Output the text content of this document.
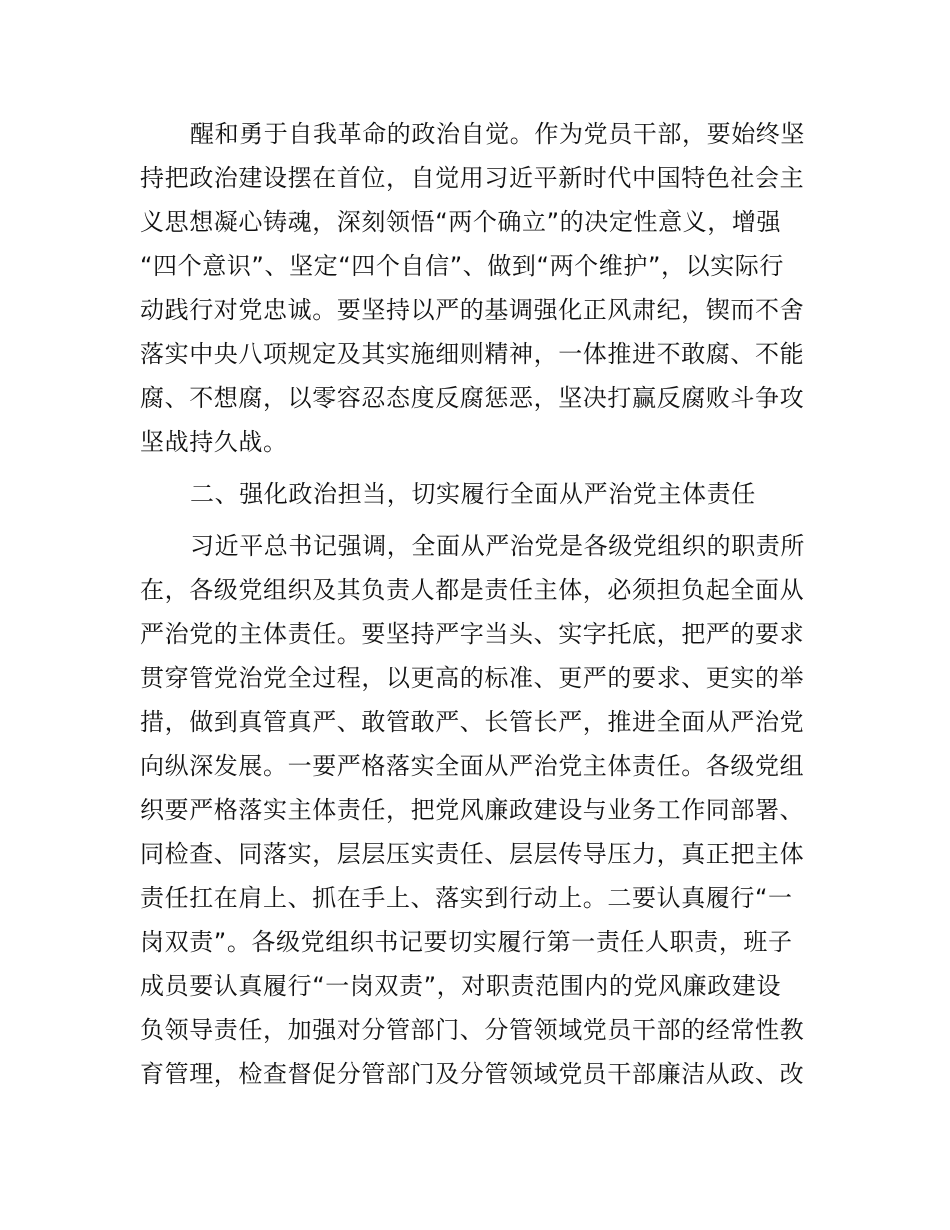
醒和勇于自我革命的政治自觉。作为党员干部，要始终坚
持把政治建设摆在首位，自觉用习近平新时代中国特色社会主
义思想凝心铸魂，深刻领悟“两个确立”的决定性意义，增强
“四个意识”、坚定“四个自信”、做到“两个维护”，以实际行
动践行对党忠诚。要坚持以严的基调强化正风肃纪，锲而不舍
落实中央八项规定及其实施细则精神，一体推进不敢腐、不能
腐、不想腐，以零容忍态度反腐惩恶，坚决打赢反腐败斗争攻
坚战持久战。
二、强化政治担当，切实履行全面从严治党主体责任
习近平总书记强调，全面从严治党是各级党组织的职责所
在，各级党组织及其负责人都是责任主体，必须担负起全面从
严治党的主体责任。要坚持严字当头、实字托底，把严的要求
贯穿管党治党全过程，以更高的标准、更严的要求、更实的举
措，做到真管真严、敢管敢严、长管长严，推进全面从严治党
向纵深发展。一要严格落实全面从严治党主体责任。各级党组
织要严格落实主体责任，把党风廉政建设与业务工作同部署、
同检查、同落实，层层压实责任、层层传导压力，真正把主体
责任扛在肩上、抓在手上、落实到行动上。二要认真履行“一
岗双责”。各级党组织书记要切实履行第一责任人职责，班子
成员要认真履行“一岗双责”，对职责范围内的党风廉政建设
负领导责任，加强对分管部门、分管领域党员干部的经常性教
育管理，检查督促分管部门及分管领域党员干部廉洁从政、改
